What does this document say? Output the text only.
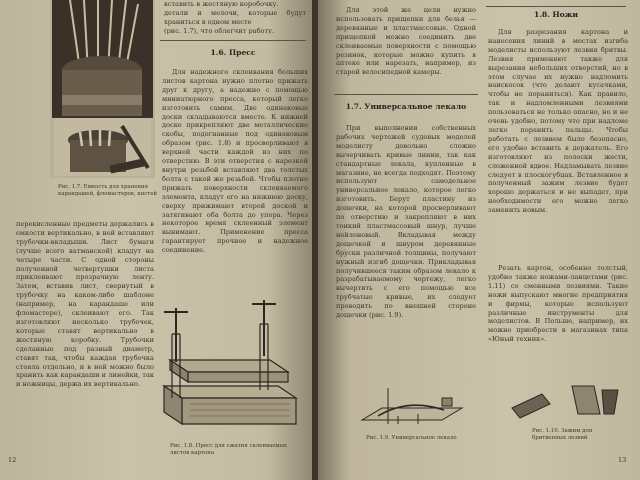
Рис. 1.7. Емкость для хранения карандашей, фломастеров, кистей
вставить в жестяную коробочку.
детали и мелочи, которые будут храниться в одном месте
(рис. 1.7), что облегчит работу.
1.6. Пресс
Для надежного склеивания больших листов картона нужно плотно прижать друг к другу, а надежно с помощью миниатюрного пресса, который легко изготовить самим. Две одинаковые доски складываются вместе. К нижней доске прикрепляют две металлические скобы, подогнанные под одинаковым образом (рис. 1.8) и просверливают в верхней части каждой из них по отверстию. В эти отверстия с нарезкой внутри резьбой вставляют два толстых болта с такой же резьбой. Чтобы плотно прижать поверхности склеиваемого элемента, кладут его на нижнюю доску, сверху прижимают второй доской и затягивают оба болта до упора. Через некоторое время склеенный элемент вынимают. Применение пресса гарантирует прочное и надежное соединение.
перекисленные предметы держались в емкости вертикально, в ней вставляют трубочки-вкладыши. Лист бумаги (лучше всего ватманской) кладут на четыре части. С одной стороны полученной четвертушки листа приклеивают прозрачную ленту. Затем, вставив лист, свернутый в трубочку на каком-либо шаблоне (например, на карандаше или фломастере), склеивают его. Так изготовляют несколько трубочек, которые ставят вертикально в жестяную коробку. Трубочки сделанные под разный диаметр, ставят так, чтобы каждая трубочка стояла отдельно, и в ней можно было хранить как карандаши и линейки, так и ножницы, держа их вертикально.
Рис. 1.8. Пресс для сжатия склеиваемых листов картона
12
Для этой же цели нужно использовать прищепки для белья — деревянные и пластмассовые. Одной прищепкой можно соединить две склеиваемые поверхности с помощью резинок, которые можно купить в аптеке или нарезать, например, из старой велосипедной камеры.
1.7. Универсальное лекало
При выполнении собственных рабочих чертежей судовых моделей моделисту довольно сложно вычерчивать кривые линии, так как стандартные лекала, купленные в магазине, не всегда подходят. Поэтому используют самодельное универсальное лекало, которое легко изготовить. Берут пластину из дощечки, на которой просверливают по отверстию и закрепляют в них тонкий пластмассовый шнур, лучше нейлоновый. Вкладывая между дощечкой и шнуром деревянные бруски различной толщины, получают нужный изгиб дощечки. Прикладывая получившееся таким образом лекало к разрабатываемому чертежу, легко вычертить с его помощью все трубчатые кривые, их следует проводить по внешней стороне дощечки (рис. 1.9).
1.8. Ножи
Для разрезания картона и нанесения линий в местах изгиба моделисты используют лезвия бритвы. Лезвия применяют также для вырезания небольших отверстий, но в этом случае их нужно надломить наискосок (что делают кусачками, чтобы не пораниться). Как правило, так и надломленными лезвиями пользоваться не только опасно, но и не очень удобно, потому что при надломе легко поранить пальцы. Чтобы работать с лезвием было безопасно, его удобно вставить в держатель. Его изготовляют из полоски жести, сложенной вдвое. Надламывать лезвие следует в плоскогубцах. Вставленное в полученный зажим лезвие будет хорошо держаться и не выпадет, при необходимости его можно легко заменить новым.
Резать картон, особенно толстый, удобно также ножами-ланцетами (рис. 1.11) со сменными лезвиями. Такие ножи выпускают многие предприятия и фирмы, которые используют различные инструменты для моделистов. В Польше, например, их можно приобрести в магазинах типа «Юный техник».
Рис. 1.9. Универсальное лекало
Рис. 1.10. Зажим для бритвенных лезвий
13
